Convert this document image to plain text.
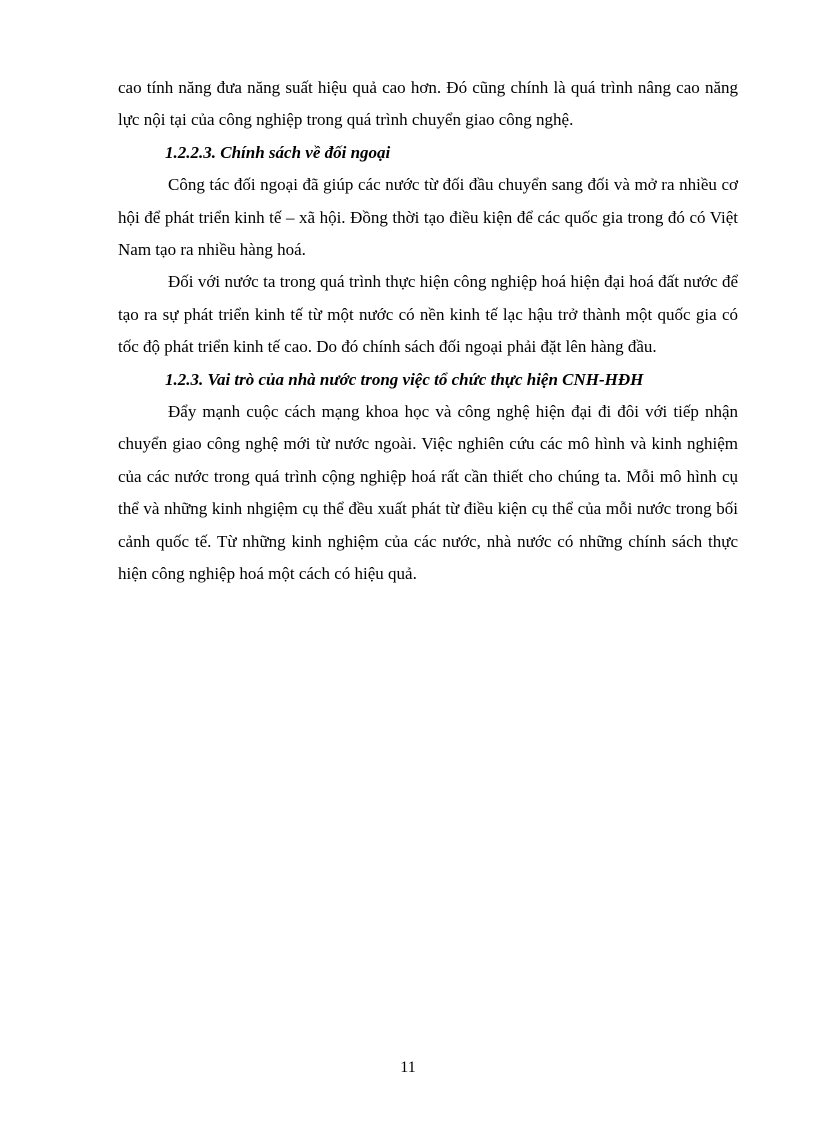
cao tính năng đưa năng suất hiệu quả cao hơn. Đó cũng chính là quá trình nâng cao năng lực nội tại của công nghiệp trong quá trình chuyển giao công nghệ.

1.2.2.3. Chính sách về đối ngoại

Công tác đối ngoại đã giúp các nước từ đối đầu chuyển sang đối và mở ra nhiều cơ hội để phát triển kinh tế – xã hội. Đồng thời tạo điều kiện để các quốc gia trong đó có Việt Nam tạo ra nhiều hàng hoá.

Đối với nước ta trong quá trình thực hiện công nghiệp hoá hiện đại hoá đất nước để tạo ra sự phát triển kinh tế từ một nước có nền kinh tế lạc hậu trở thành một quốc gia có tốc độ phát triển kinh tế cao. Do đó chính sách đối ngoại phải đặt lên hàng đầu.

1.2.3. Vai trò của nhà nước trong việc tổ chức thực hiện CNH-HĐH

Đẩy mạnh cuộc cách mạng khoa học và công nghệ hiện đại đi đôi với tiếp nhận chuyển giao công nghệ mới từ nước ngoài. Việc nghiên cứu các mô hình và kinh nghiệm của các nước trong quá trình cộng nghiệp hoá rất cần thiết cho chúng ta. Mỗi mô hình cụ thể và những kinh nhgiệm cụ thể đều xuất phát từ điều kiện cụ thể của mỗi nước trong bối cảnh quốc tế. Từ những kinh nghiệm của các nước, nhà nước có những chính sách thực hiện công nghiệp hoá một cách có hiệu quả.

11
